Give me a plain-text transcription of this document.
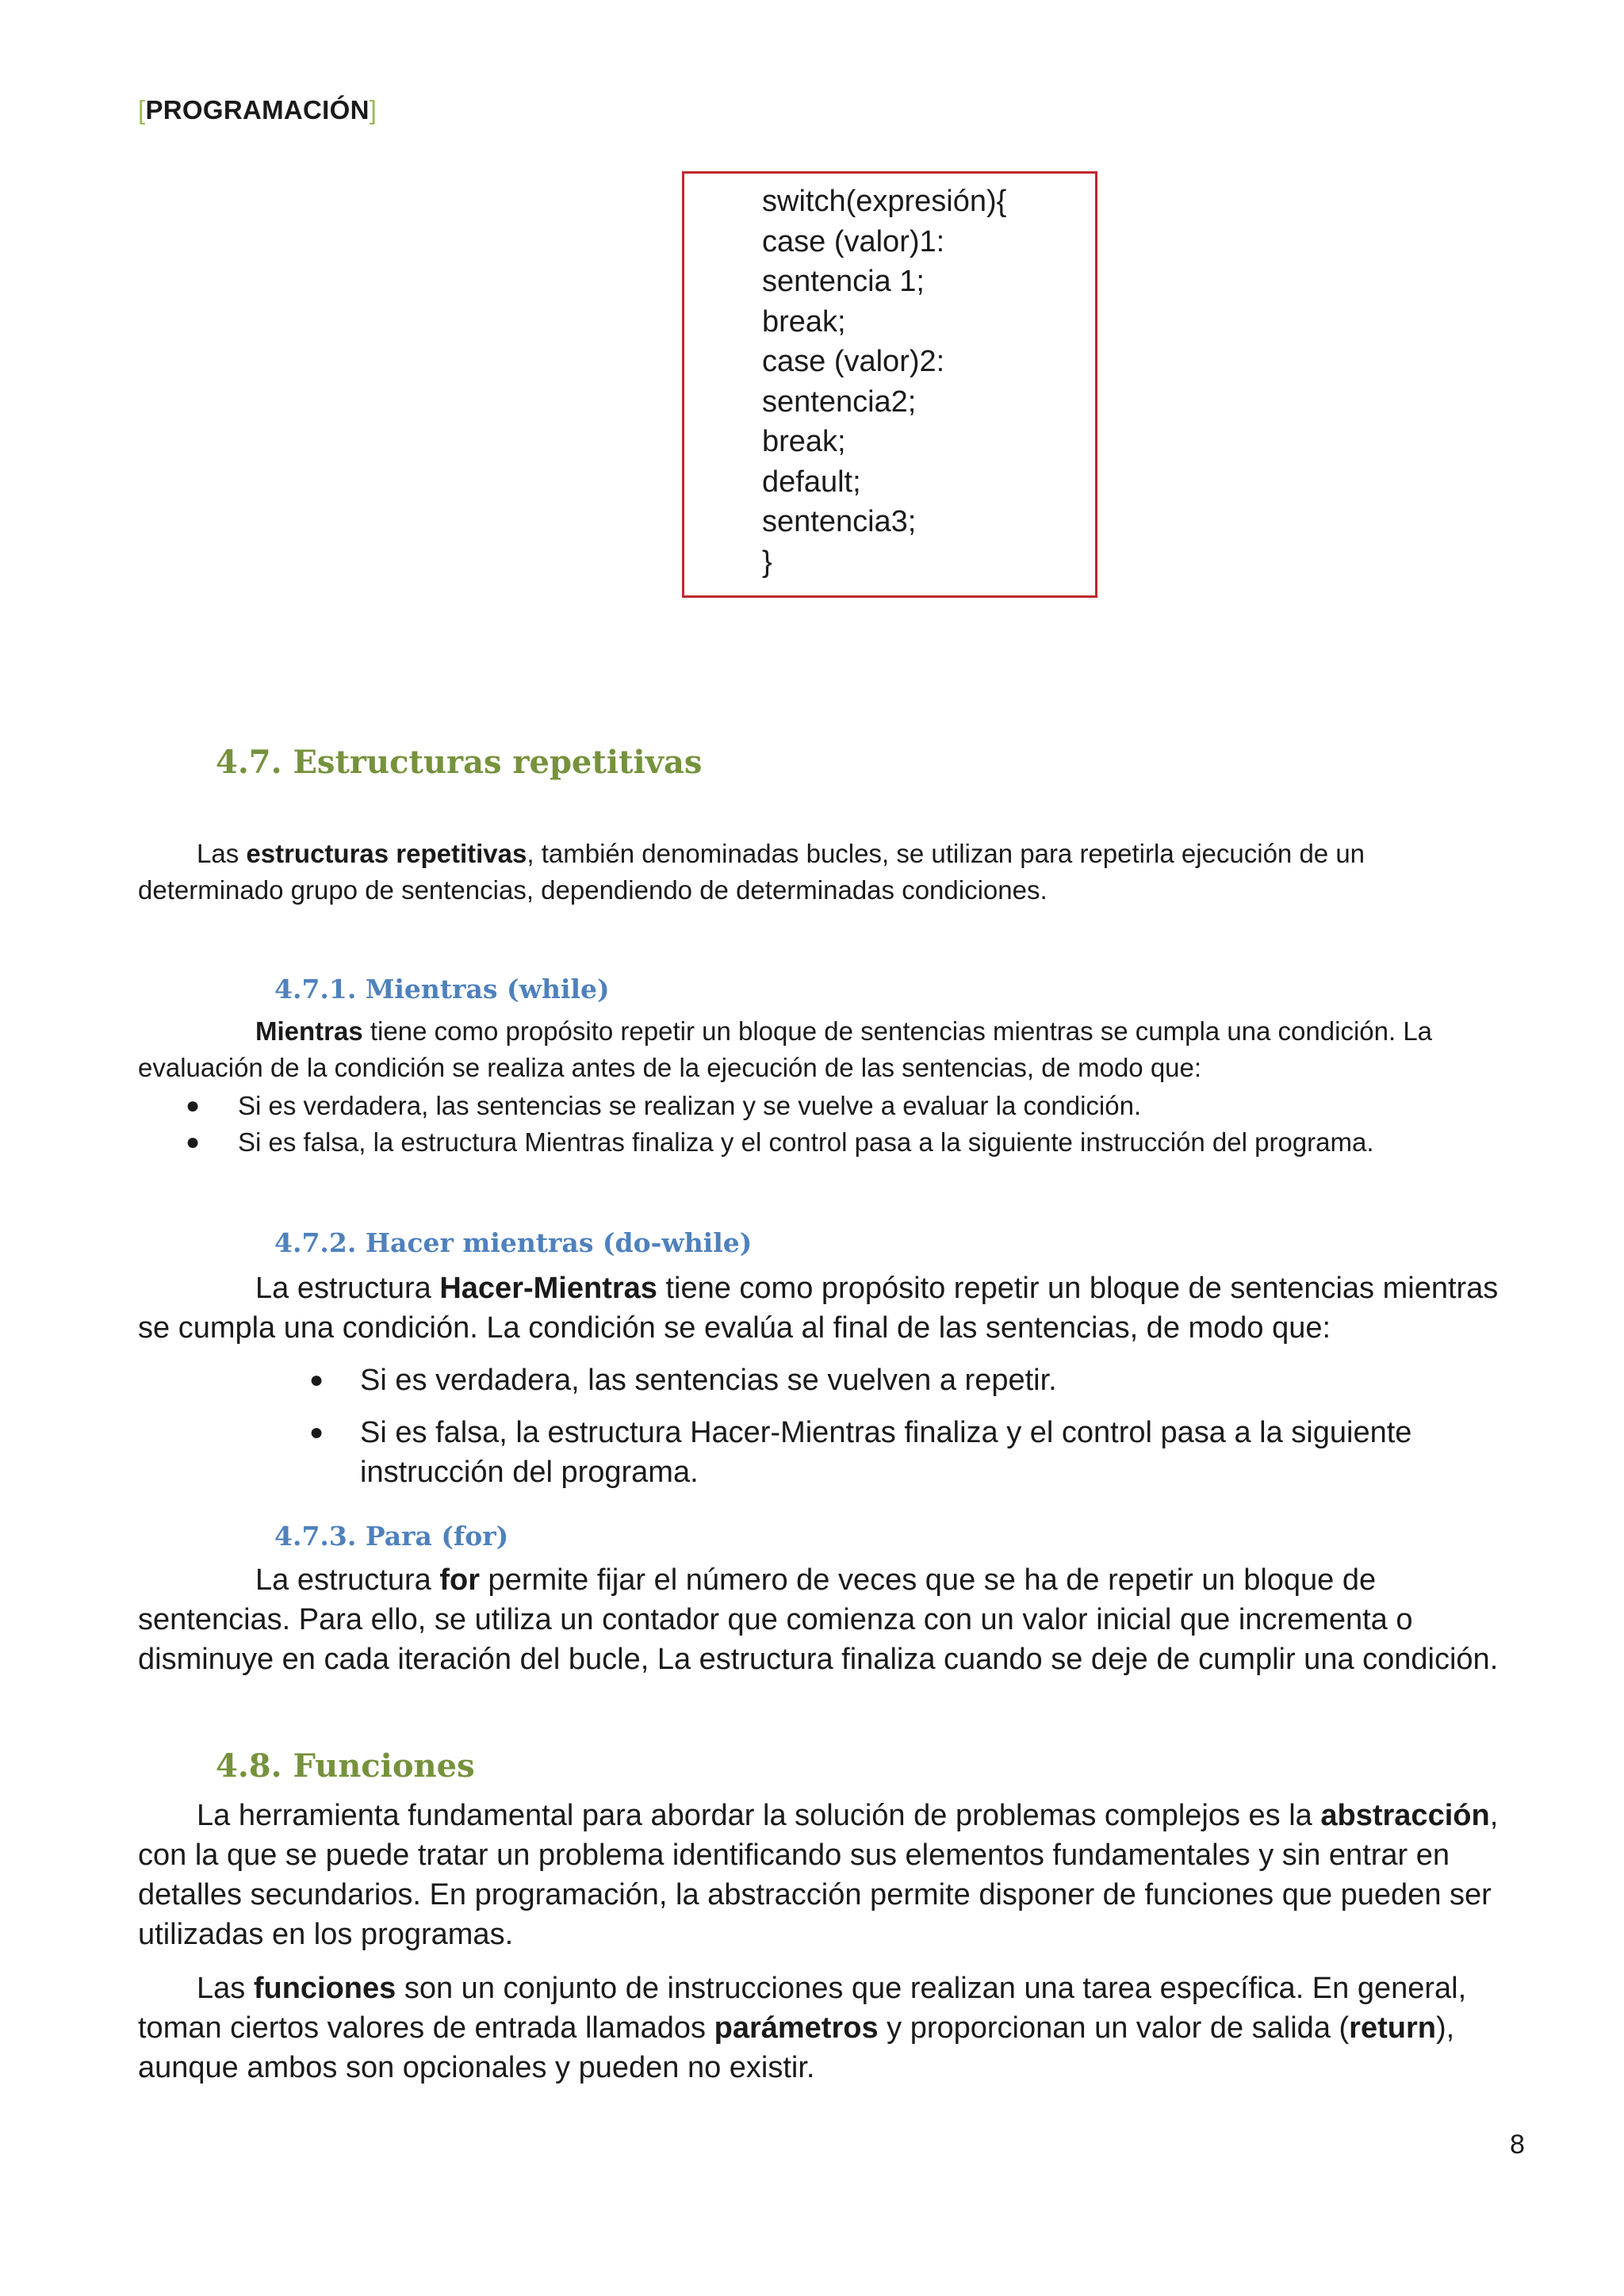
[PROGRAMACIÓN]
switch(expresión){
case (valor)1:
sentencia 1;
break;
case (valor)2:
sentencia2;
break;
default;
sentencia3;
}
4.7. Estructuras repetitivas

Las estructuras repetitivas, también denominadas bucles, se utilizan para repetirla ejecución de un determinado grupo de sentencias, dependiendo de determinadas condiciones.

4.7.1. Mientras (while)

Mientras tiene como propósito repetir un bloque de sentencias mientras se cumpla una condición. La evaluación de la condición se realiza antes de la ejecución de las sentencias, de modo que:

● Si es verdadera, las sentencias se realizan y se vuelve a evaluar la condición.
● Si es falsa, la estructura Mientras finaliza y el control pasa a la siguiente instrucción del programa.
4.7.2. Hacer mientras (do-while)

La estructura Hacer-Mientras tiene como propósito repetir un bloque de sentencias mientras se cumpla una condición. La condición se evalúa al final de las sentencias, de modo que:

● Si es verdadera, las sentencias se vuelven a repetir.
● Si es falsa, la estructura Hacer-Mientras finaliza y el control pasa a la siguiente instrucción del programa.
4.7.3. Para (for)

La estructura for permite fijar el número de veces que se ha de repetir un bloque de sentencias. Para ello, se utiliza un contador que comienza con un valor inicial que incrementa o disminuye en cada iteración del bucle, La estructura finaliza cuando se deje de cumplir una condición.

4.8. Funciones

La herramienta fundamental para abordar la solución de problemas complejos es la abstracción, con la que se puede tratar un problema identificando sus elementos fundamentales y sin entrar en detalles secundarios. En programación, la abstracción permite disponer de funciones que pueden ser utilizadas en los programas.

Las funciones son un conjunto de instrucciones que realizan una tarea específica. En general, toman ciertos valores de entrada llamados parámetros y proporcionan un valor de salida (return), aunque ambos son opcionales y pueden no existir.

8
